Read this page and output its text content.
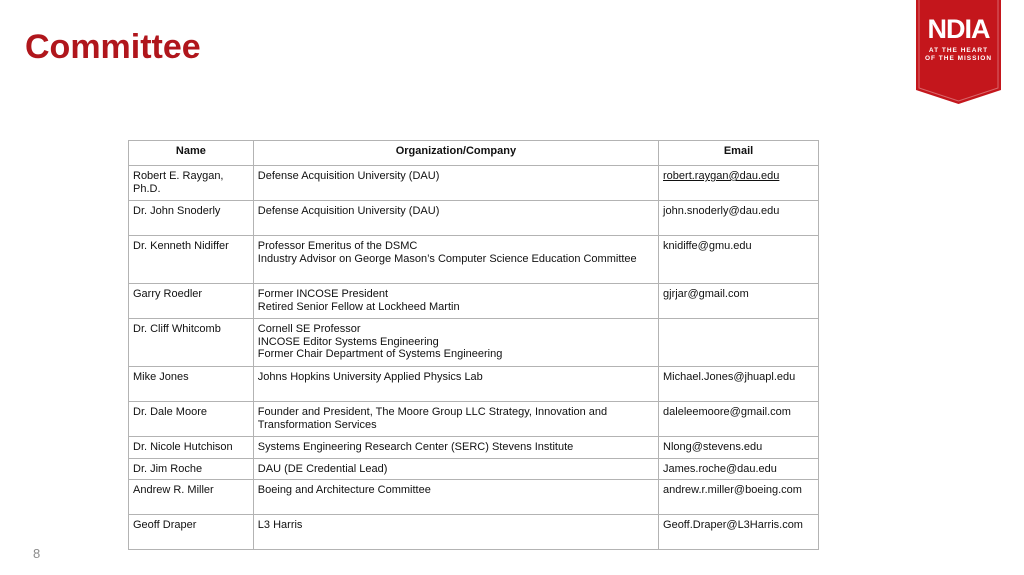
Committee	NDIA
AT THE HEART
OF THE MISSION
Name	Organization/Company	Email
Robert E. Raygan, Ph.D.	Defense Acquisition University (DAU)	robert.raygan@dau.edu
Dr. John Snoderly	Defense Acquisition University (DAU)	john.snoderly@dau.edu
Dr. Kenneth Nidiffer	Professor Emeritus of the DSMC
Industry Advisor on George Mason’s Computer Science Education Committee	knidiffe@gmu.edu
Garry Roedler	Former INCOSE President
Retired Senior Fellow at Lockheed Martin	gjrjar@gmail.com
Dr. Cliff Whitcomb	Cornell SE Professor
INCOSE Editor Systems Engineering
Former Chair Department of Systems Engineering	

Mike Jones	Johns Hopkins University Applied Physics Lab	Michael.Jones@jhuapl.edu
Dr. Dale Moore	Founder and President, The Moore Group LLC Strategy, Innovation and Transformation Services	daleleemoore@gmail.com
Dr. Nicole Hutchison	Systems Engineering Research Center (SERC) Stevens Institute	Nlong@stevens.edu
Dr. Jim Roche	DAU (DE Credential Lead)	James.roche@dau.edu
Andrew R. Miller	Boeing and Architecture Committee	andrew.r.miller@boeing.com
Geoff Draper	L3 Harris	Geoff.Draper@L3Harris.com
8
